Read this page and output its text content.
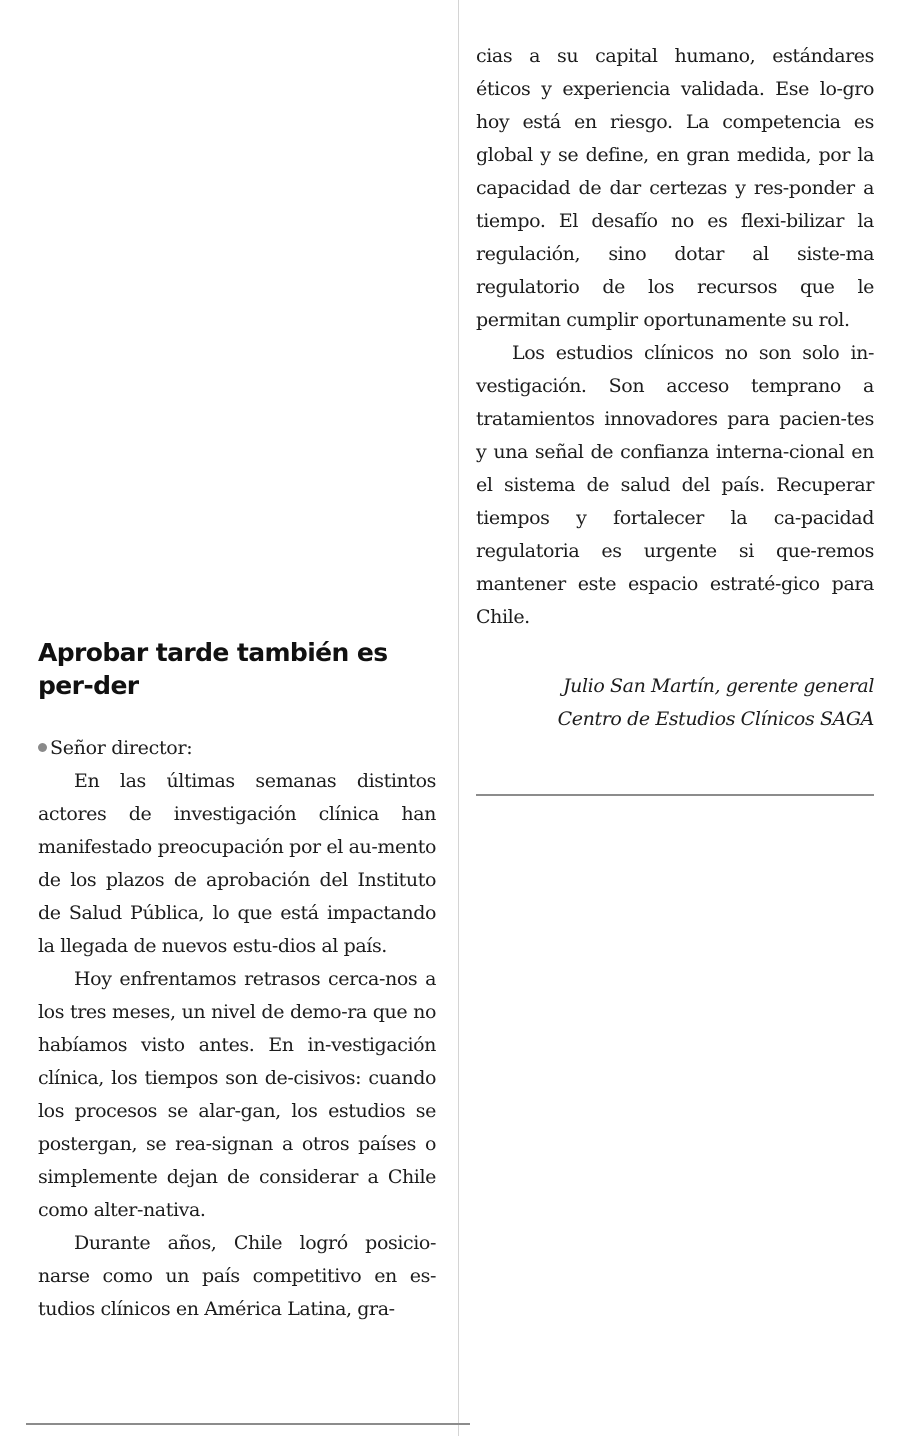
Aprobar tarde también es per-der

Señor director:

En las últimas semanas distintos actores de investigación clínica han manifestado preocupación por el au-mento de los plazos de aprobación del Instituto de Salud Pública, lo que está impactando la llegada de nuevos estu-dios al país.

Hoy enfrentamos retrasos cerca-nos a los tres meses, un nivel de demo-ra que no habíamos visto antes. En in-vestigación clínica, los tiempos son de-cisivos: cuando los procesos se alar-gan, los estudios se postergan, se rea-signan a otros países o simplemente dejan de considerar a Chile como alter-nativa.

Durante años, Chile logró posicio-narse como un país competitivo en es-tudios clínicos en América Latina, gra-

cias a su capital humano, estándares éticos y experiencia validada. Ese lo-gro hoy está en riesgo. La competencia es global y se define, en gran medida, por la capacidad de dar certezas y res-ponder a tiempo. El desafío no es flexi-bilizar la regulación, sino dotar al siste-ma regulatorio de los recursos que le permitan cumplir oportunamente su rol.

Los estudios clínicos no son solo in-vestigación. Son acceso temprano a tratamientos innovadores para pacien-tes y una señal de confianza interna-cional en el sistema de salud del país. Recuperar tiempos y fortalecer la ca-pacidad regulatoria es urgente si que-remos mantener este espacio estraté-gico para Chile.

Julio San Martín, gerente general
Centro de Estudios Clínicos SAGA
